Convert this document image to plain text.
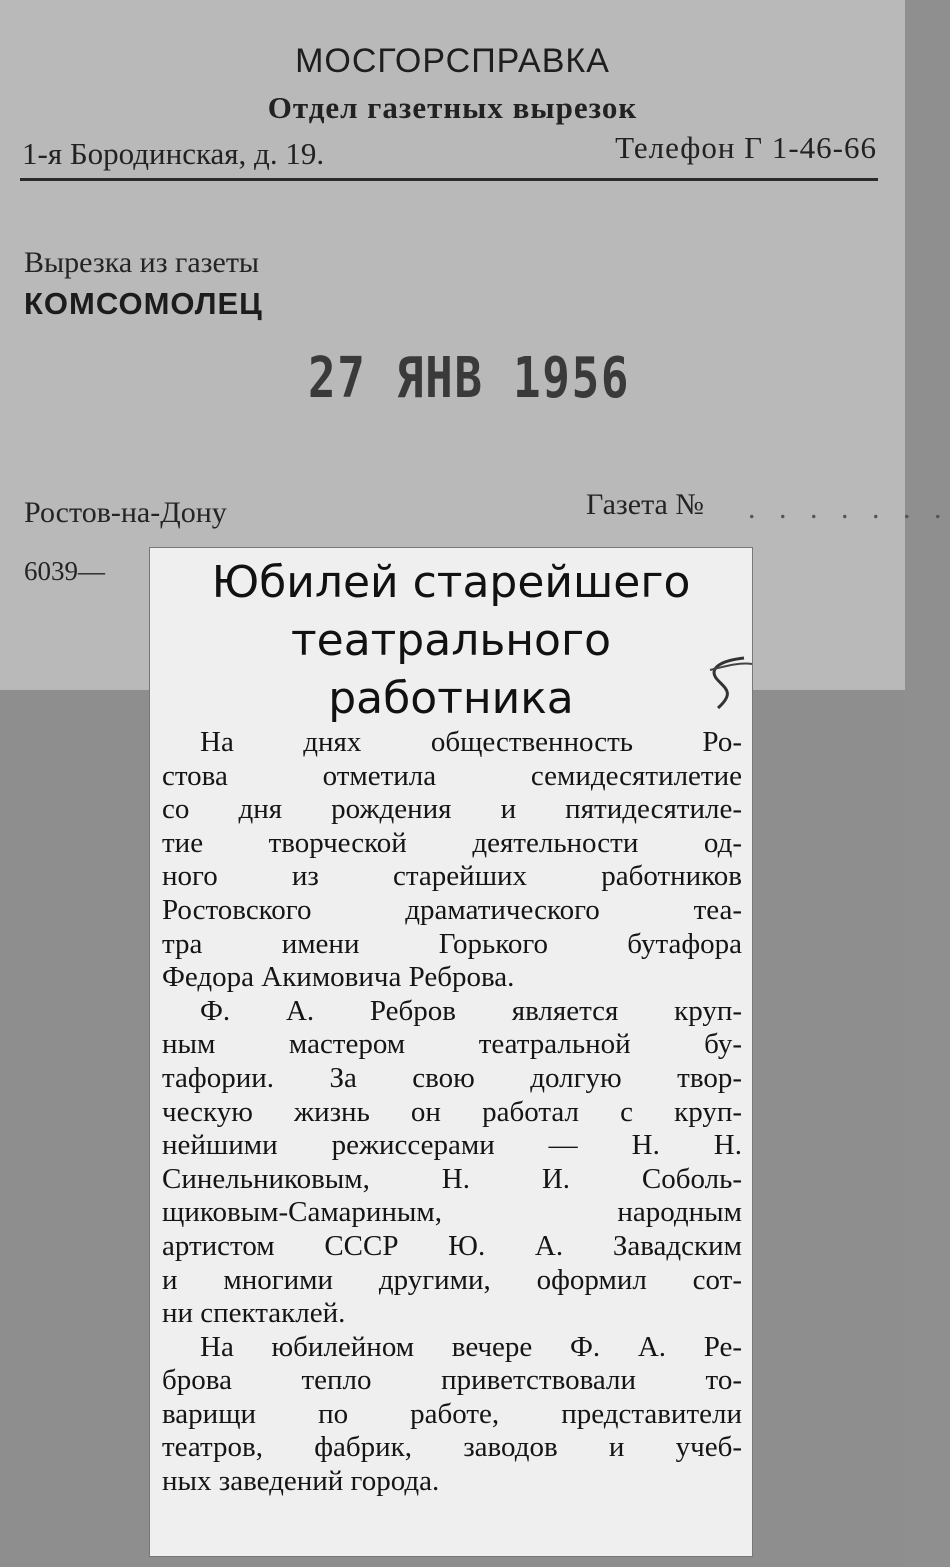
МОСГОРСПРАВКА
Отдел газетных вырезок
1-я Бородинская, д. 19.	Телефон Г 1-46-66
Вырезка из газеты
КОМСОМОЛЕЦ
27 ЯНВ 1956
Ростов-на-Дону	Газета № . . . . . . .
6039—	Юбилей старейшего
театрального
работника
На днях общественность Ро-
стова отметила семидесятилетие
со дня рождения и пятидесятиле-
тие творческой деятельности од-
ного из старейших работников
Ростовского драматического теа-
тра имени Горького бутафора
Федора Акимовича Реброва.
Ф. А. Ребров является круп-
ным мастером театральной бу-
тафории. За свою долгую твор-
ческую жизнь он работал с круп-
нейшими режиссерами — Н. Н.
Синельниковым, Н. И. Соболь-
щиковым-Самариным, народным
артистом СССР Ю. А. Завадским
и многими другими, оформил сот-
ни спектаклей.
На юбилейном вечере Ф. А. Ре-
брова тепло приветствовали то-
варищи по работе, представители
театров, фабрик, заводов и учеб-
ных заведений города.
